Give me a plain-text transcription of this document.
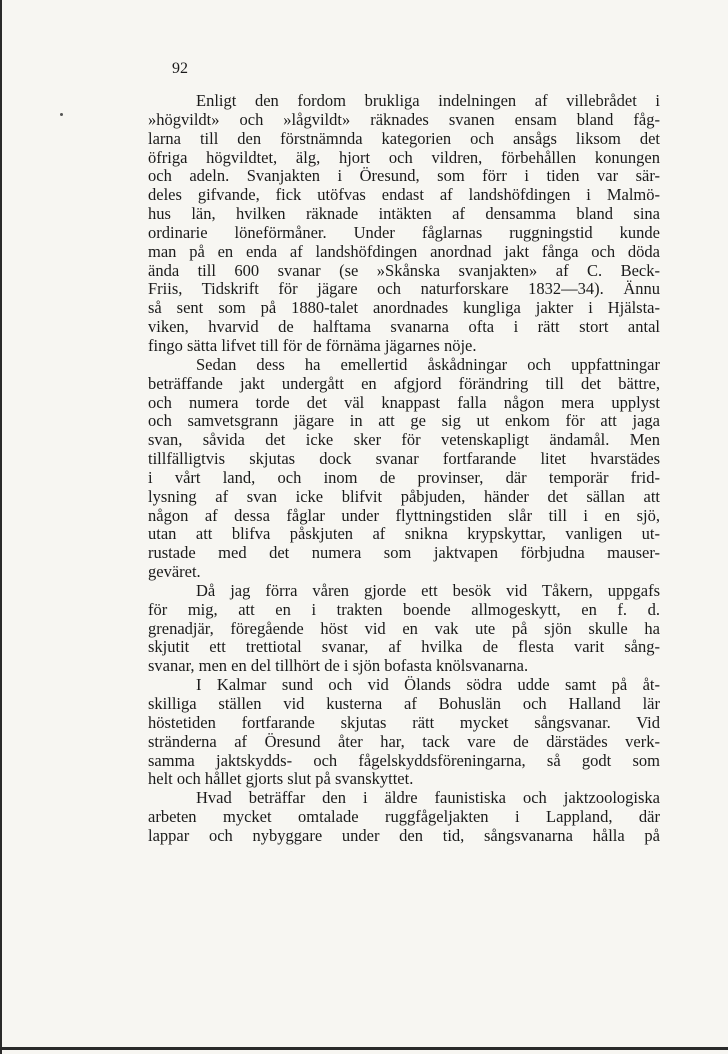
92
Enligt den fordom brukliga indelningen af villebrådet i
»högvildt» och »lågvildt» räknades svanen ensam bland fåg-
larna till den förstnämnda kategorien och ansågs liksom det
öfriga högvildtet, älg, hjort och vildren, förbehållen konungen
och adeln. Svanjakten i Öresund, som förr i tiden var sär-
deles gifvande, fick utöfvas endast af landshöfdingen i Malmö-
hus län, hvilken räknade intäkten af densamma bland sina
ordinarie löneförmåner. Under fåglarnas ruggningstid kunde
man på en enda af landshöfdingen anordnad jakt fånga och döda
ända till 600 svanar (se »Skånska svanjakten» af C. Beck-
Friis, Tidskrift för jägare och naturforskare 1832—34). Ännu
så sent som på 1880-talet anordnades kungliga jakter i Hjälsta-
viken, hvarvid de halftama svanarna ofta i rätt stort antal
fingo sätta lifvet till för de förnäma jägarnes nöje.
Sedan dess ha emellertid åskådningar och uppfattningar
beträffande jakt undergått en afgjord förändring till det bättre,
och numera torde det väl knappast falla någon mera upplyst
och samvetsgrann jägare in att ge sig ut enkom för att jaga
svan, såvida det icke sker för vetenskapligt ändamål. Men
tillfälligtvis skjutas dock svanar fortfarande litet hvarstädes
i vårt land, och inom de provinser, där temporär frid-
lysning af svan icke blifvit påbjuden, händer det sällan att
någon af dessa fåglar under flyttningstiden slår till i en sjö,
utan att blifva påskjuten af snikna krypskyttar, vanligen ut-
rustade med det numera som jaktvapen förbjudna mauser-
geväret.
Då jag förra våren gjorde ett besök vid Tåkern, uppgafs
för mig, att en i trakten boende allmogeskytt, en f. d.
grenadjär, föregående höst vid en vak ute på sjön skulle ha
skjutit ett trettiotal svanar, af hvilka de flesta varit sång-
svanar, men en del tillhört de i sjön bofasta knölsvanarna.
I Kalmar sund och vid Ölands södra udde samt på åt-
skilliga ställen vid kusterna af Bohuslän och Halland lär
höstetiden fortfarande skjutas rätt mycket sångsvanar. Vid
stränderna af Öresund åter har, tack vare de därstädes verk-
samma jaktskydds- och fågelskyddsföreningarna, så godt som
helt och hållet gjorts slut på svanskyttet.
Hvad beträffar den i äldre faunistiska och jaktzoologiska
arbeten mycket omtalade ruggfågeljakten i Lappland, där
lappar och nybyggare under den tid, sångsvanarna hålla på
